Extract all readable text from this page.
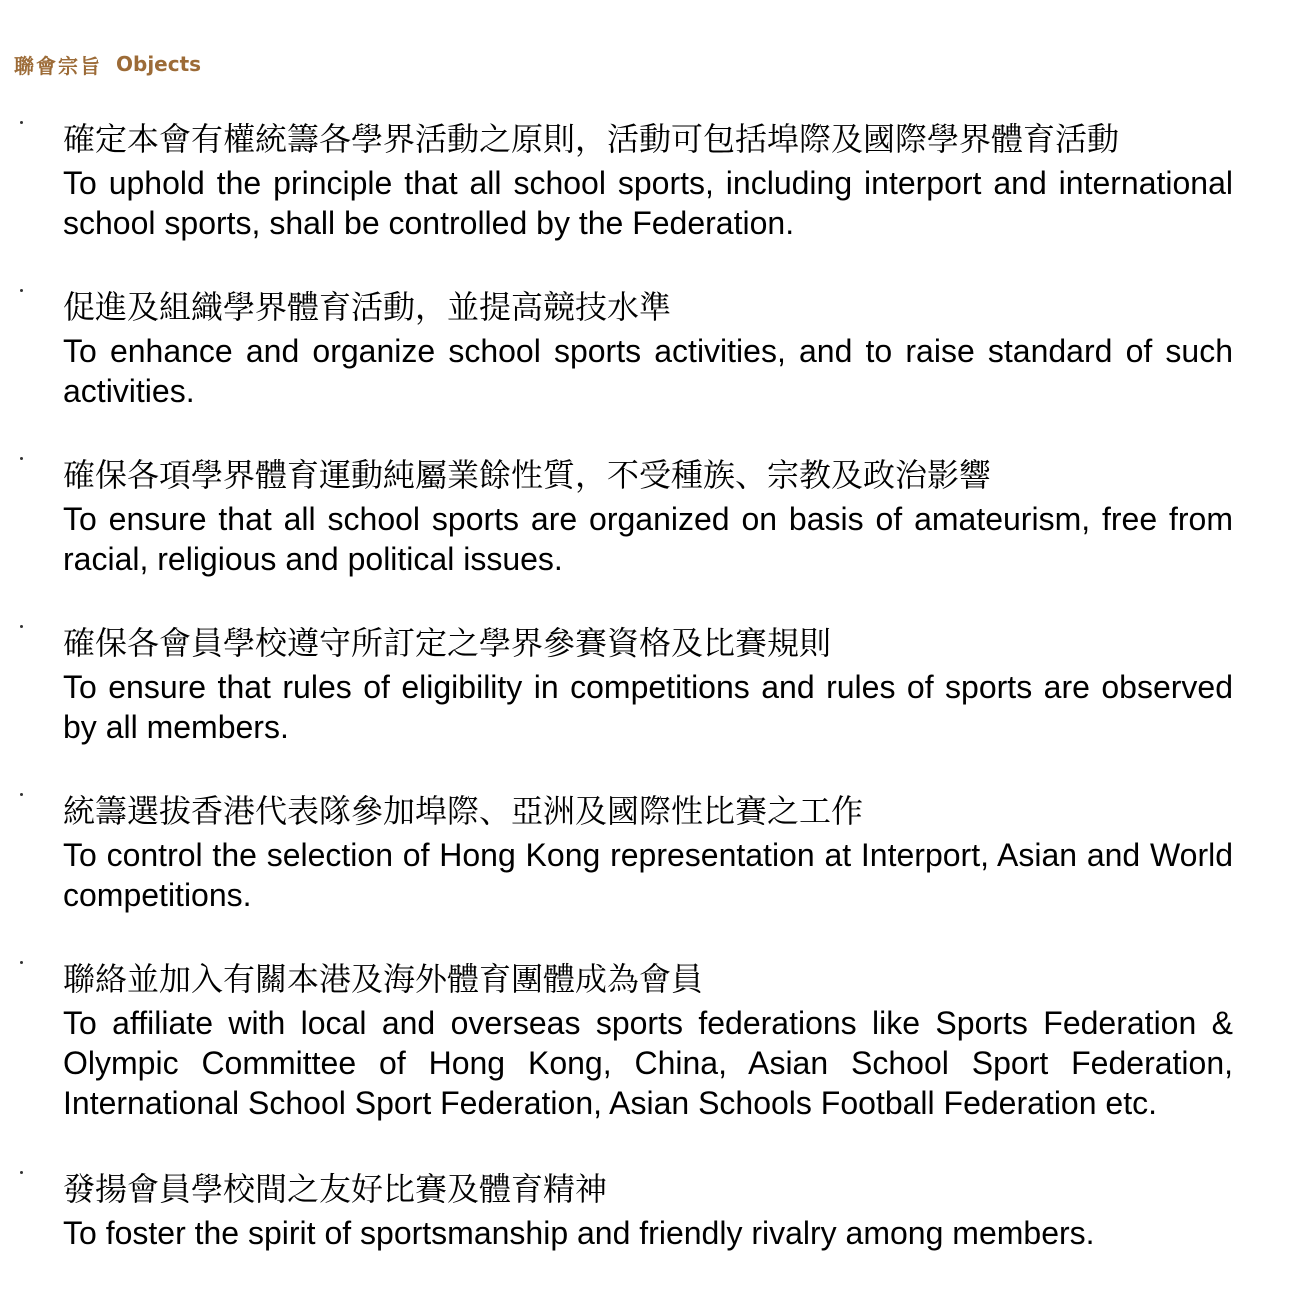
聯會宗旨 Objects
確定本會有權統籌各學界活動之原則，活動可包括埠際及國際學界體育活動
To uphold the principle that all school sports, including interport and international school sports, shall be controlled by the Federation.
促進及組織學界體育活動，並提高競技水準
To enhance and organize school sports activities, and to raise standard of such activities.
確保各項學界體育運動純屬業餘性質，不受種族、宗教及政治影響
To ensure that all school sports are organized on basis of amateurism, free from racial, religious and political issues.
確保各會員學校遵守所訂定之學界參賽資格及比賽規則
To ensure that rules of eligibility in competitions and rules of sports are observed by all members.
統籌選拔香港代表隊參加埠際、亞洲及國際性比賽之工作
To control the selection of Hong Kong representation at Interport, Asian and World competitions.
聯絡並加入有關本港及海外體育團體成為會員
To affiliate with local and overseas sports federations like Sports Federation & Olympic Committee of Hong Kong, China, Asian School Sport Federation, International School Sport Federation, Asian Schools Football Federation etc.
發揚會員學校間之友好比賽及體育精神
To foster the spirit of sportsmanship and friendly rivalry among members.
